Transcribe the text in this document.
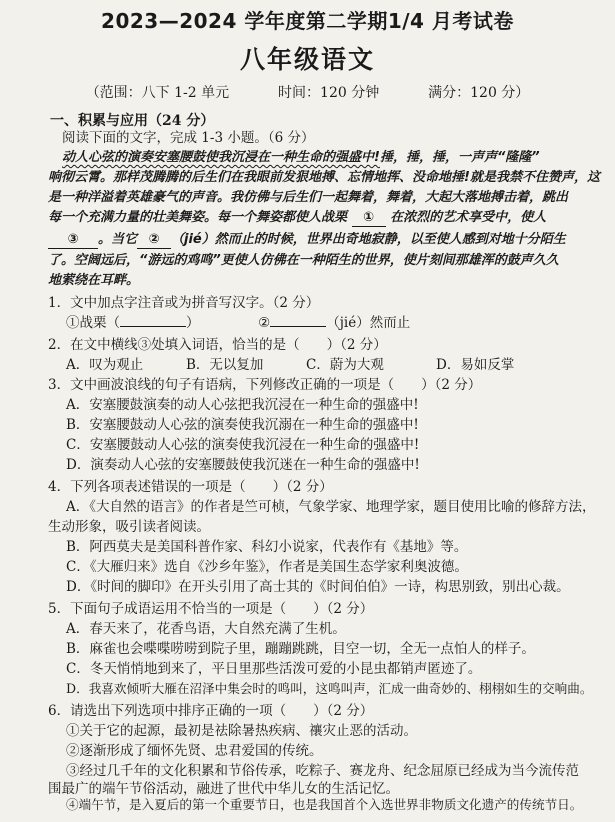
2023—2024 学年度第二学期1/4 月考试卷
八年级语文
（范围：八下 1-2 单元	时间：120 分钟	满分：120 分）
一、积累与应用（24 分）
阅读下面的文字，完成 1-3 小题。（6 分）
动人心弦的演奏安塞腰鼓使我沉浸在一种生命的强盛中!捶，捶，捶，一声声“隆隆”
响彻云霄。那样茂腾腾的后生们在我眼前发狠地搏、忘情地挥、没命地捶!就是我禁不住赞声，这
是一种洋溢着英雄豪气的声音。我仿佛与后生们一起舞着，舞着，大起大落地搏击着，跳出
每一个充满力量的壮美舞姿。每一个舞姿都使人战栗 ① 在浓烈的艺术享受中，使人
③ 。当它 ② （jié）然而止的时候，世界出奇地寂静，以至使人感到对地十分陌生
了。空阔远后，“游远的鸡鸣”更使人仿佛在一种陌生的世界，使片刻间那雄浑的鼓声久久
地萦绕在耳畔。
1．文中加点字注音或为拼音写汉字。（2 分）
①战栗（	）	②	（jié）然而止
2．在文中横线③处填入词语，恰当的是（　　）（2 分）
A．叹为观止	B．无以复加	C．蔚为大观	D．易如反掌
3．文中画波浪线的句子有语病，下列修改正确的一项是（　　）（2 分）
A．安塞腰鼓演奏的动人心弦把我沉浸在一种生命的强盛中!
B．安塞腰鼓动人心弦的演奏使我沉溺在一种生命的强盛中!
C．安塞腰鼓动人心弦的演奏使我沉浸在一种生命的强盛中!
D．演奏动人心弦的安塞腰鼓使我沉迷在一种生命的强盛中!
4．下列各项表述错误的一项是（　　）（2 分）
A．《大自然的语言》的作者是竺可桢，气象学家、地理学家，题目使用比喻的修辞方法，
生动形象，吸引读者阅读。
B．阿西莫夫是美国科普作家、科幻小说家，代表作有《基地》等。
C．《大雁归来》选自《沙乡年鉴》，作者是美国生态学家利奥波德。
D．《时间的脚印》在开头引用了高士其的《时间伯伯》一诗，构思别致，别出心裁。
5．下面句子成语运用不恰当的一项是（　　）（2 分）
A．春天来了，花香鸟语，大自然充满了生机。
B．麻雀也会喋喋唠唠到院子里，蹦蹦跳跳，目空一切，全无一点怕人的样子。
C．冬天悄悄地到来了，平日里那些活泼可爱的小昆虫都销声匿迹了。
D．我喜欢倾听大雁在沼泽中集会时的鸣叫，这鸣叫声，汇成一曲奇妙的、栩栩如生的交响曲。
6．请选出下列选项中排序正确的一项（　　）（2 分）
①关于它的起源，最初是祛除暑热疾病、禳灾止恶的活动。
②逐渐形成了缅怀先贤、忠君爱国的传统。
③经过几千年的文化积累和节俗传承，吃粽子、赛龙舟、纪念屈原已经成为当今流传范
围最广的端午节俗活动，融进了世代中华儿女的生活记忆。
④端午节，是入夏后的第一个重要节日，也是我国首个入选世界非物质文化遗产的传统节日。
